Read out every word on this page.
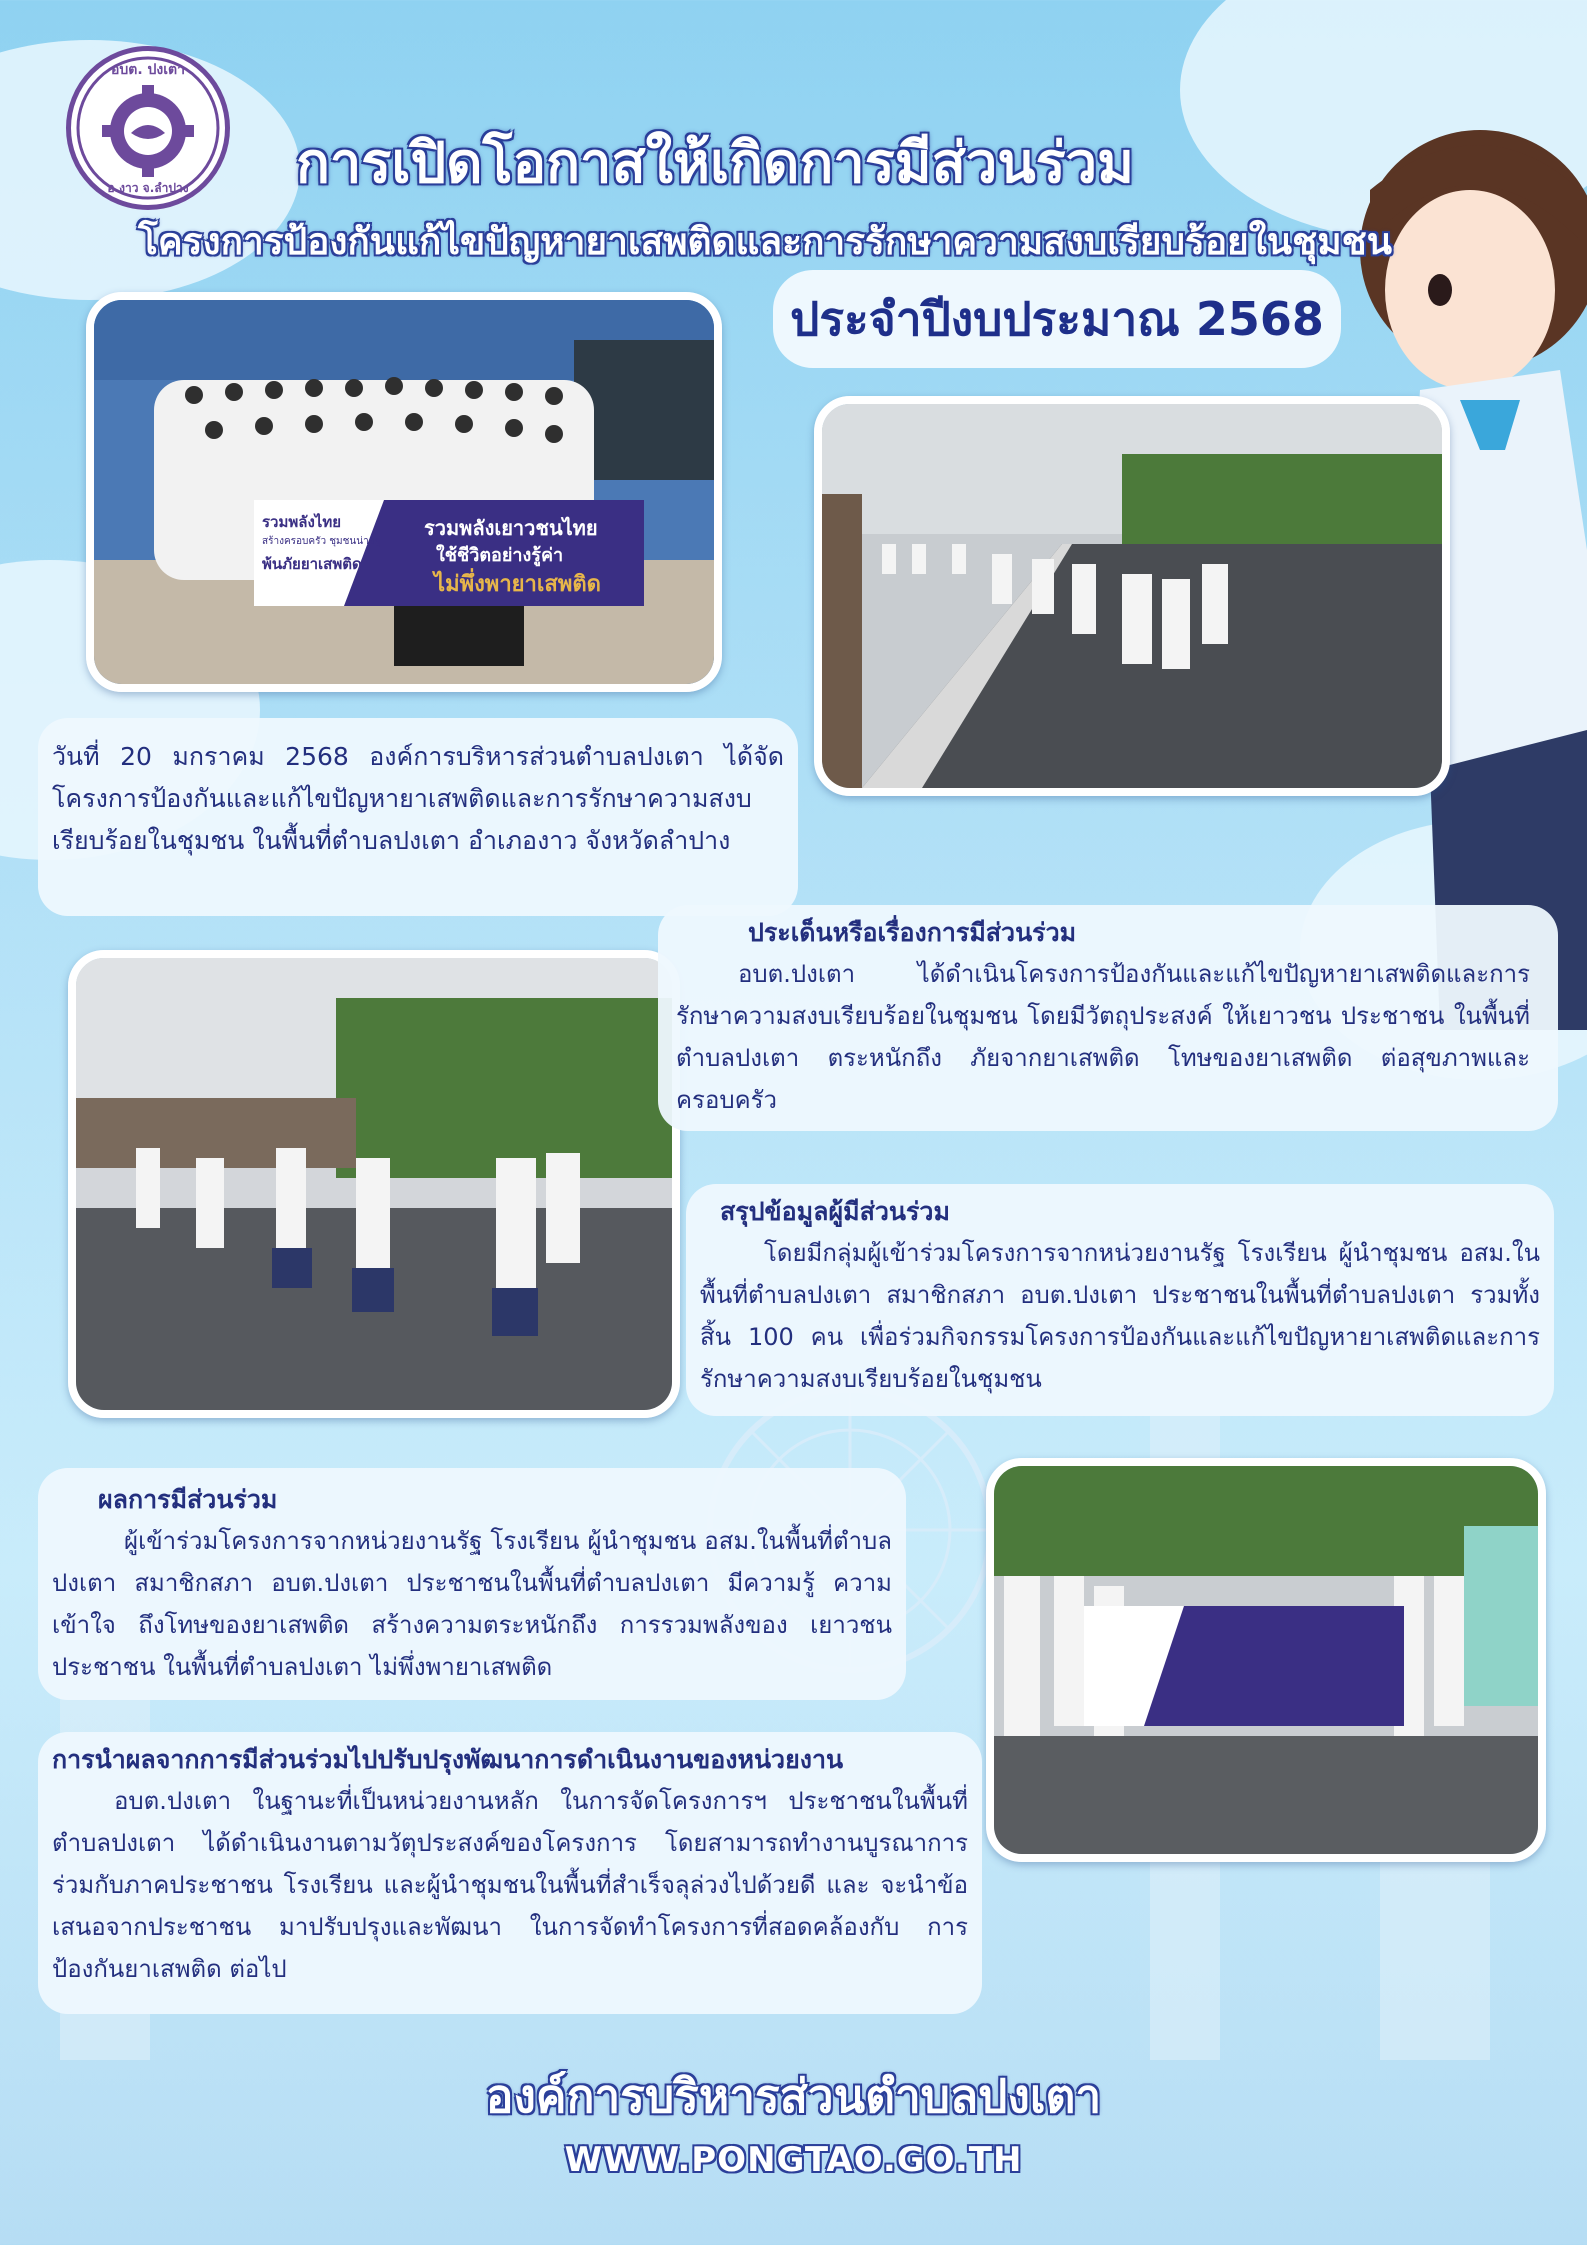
อบต. ปงเตา
อ.งาว จ.ลำปาง	การเปิดโอกาสให้เกิดการมีส่วนร่วม
โครงการป้องกันแก้ไขปัญหายาเสพติดและการรักษาความสงบเรียบร้อยในชุมชน
ประจำปีงบประมาณ 2568
รวมพลังเยาวชนไทย
ใช้ชีวิตอย่างรู้ค่า
ไม่พึ่งพายาเสพติด
รวมพลังไทย
สร้างครอบครัว ชุมชนน่าอยู่
พ้นภัยยาเสพติด

วันที่ 20 มกราคม 2568 องค์การบริหารส่วนตำบลปงเตา ได้จัดโครงการป้องกันและแก้ไขปัญหายาเสพติดและการรักษาความสงบเรียบร้อยในชุมชน ในพื้นที่ตำบลปงเตา อำเภองาว จังหวัดลำปาง

ประเด็นหรือเรื่องการมีส่วนร่วม

อบต.ปงเตา ได้ดำเนินโครงการป้องกันและแก้ไขปัญหายาเสพติดและการรักษาความสงบเรียบร้อยในชุมชน โดยมีวัตถุประสงค์ ให้เยาวชน ประชาชน ในพื้นที่ตำบลปงเตา ตระหนักถึง ภัยจากยาเสพติด โทษของยาเสพติด ต่อสุขภาพและครอบครัว

สรุปข้อมูลผู้มีส่วนร่วม

โดยมีกลุ่มผู้เข้าร่วมโครงการจากหน่วยงานรัฐ โรงเรียน ผู้นำชุมชน อสม.ในพื้นที่ตำบลปงเตา สมาชิกสภา อบต.ปงเตา ประชาชนในพื้นที่ตำบลปงเตา รวมทั้งสิ้น 100 คน เพื่อร่วมกิจกรรมโครงการป้องกันและแก้ไขปัญหายาเสพติดและการรักษาความสงบเรียบร้อยในชุมชน

ผลการมีส่วนร่วม

ผู้เข้าร่วมโครงการจากหน่วยงานรัฐ โรงเรียน ผู้นำชุมชน อสม.ในพื้นที่ตำบลปงเตา สมาชิกสภา อบต.ปงเตา ประชาชนในพื้นที่ตำบลปงเตา มีความรู้ ความเข้าใจ ถึงโทษของยาเสพติด สร้างความตระหนักถึง การรวมพลังของ เยาวชน ประชาชน ในพื้นที่ตำบลปงเตา ไม่พึ่งพายาเสพติด

การนำผลจากการมีส่วนร่วมไปปรับปรุงพัฒนาการดำเนินงานของหน่วยงาน

อบต.ปงเตา ในฐานะที่เป็นหน่วยงานหลัก ในการจัดโครงการฯ ประชาชนในพื้นที่ตำบลปงเตา ได้ดำเนินงานตามวัตุประสงค์ของโครงการ โดยสามารถทำงานบูรณาการร่วมกับภาคประชาชน โรงเรียน และผู้นำชุมชนในพื้นที่สำเร็จลุล่วงไปด้วยดี และ จะนำข้อเสนอจากประชาชน มาปรับปรุงและพัฒนา ในการจัดทำโครงการที่สอดคล้องกับ การป้องกันยาเสพติด ต่อไป

องค์การบริหารส่วนตำบลปงเตา
WWW.PONGTAO.GO.TH
